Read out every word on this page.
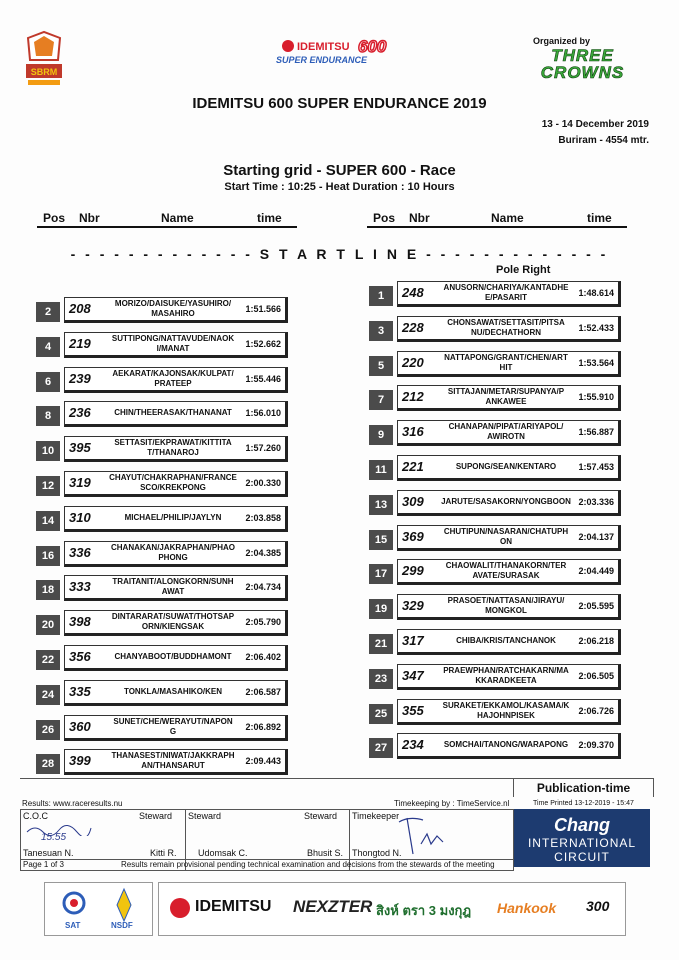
SBRM
IDEMITSU 600
SUPER ENDURANCE
Organized by
THREE CROWNS
IDEMITSU 600 SUPER ENDURANCE 2019
13 - 14 December 2019
Buriram - 4554 mtr.
Starting grid - SUPER 600 - Race
Start Time : 10:25 - Heat Duration : 10 Hours
Pos Nbr	Name	time	Pos Nbr	Name	time
- - - - - - - - - - - - - S T A R T L I N E - - - - - - - - - - - - -
Pole Right
2	208	MORIZO/DAISUKE/YASUHIRO/
MASAHIRO	1:51.566
4	219	SUTTIPONG/NATTAVUDE/NAOK
I/MANAT	1:52.662
6	239	AEKARAT/KAJONSAK/KULPAT/
PRATEEP	1:55.446
8	236	CHIN/THEERASAK/THANANAT	1:56.010
10	395	SETTASIT/EKPRAWAT/KITTITA
T/THANAROJ	1:57.260
12	319	CHAYUT/CHAKRAPHAN/FRANCE
SCO/KREKPONG	2:00.330
14	310	MICHAEL/PHILIP/JAYLYN	2:03.858
16	336	CHANAKAN/JAKRAPHAN/PHAO
PHONG	2:04.385
18	333	TRAITANIT/ALONGKORN/SUNH
AWAT	2:04.734
20	398	DINTARARAT/SUWAT/THOTSAP
ORN/KIENGSAK	2:05.790
22	356	CHANYABOOT/BUDDHAMONT	2:06.402
24	335	TONKLA/MASAHIKO/KEN	2:06.587
26	360	SUNET/CHE/WERAYUT/NAPON
G	2:06.892
28	399	THANASEST/NIWAT/JAKKRAPH
AN/THANSARUT	2:09.443
1	248	ANUSORN/CHARIYA/KANTADHE
E/PASARIT	1:48.614
3	228	CHONSAWAT/SETTASIT/PITSA
NU/DECHATHORN	1:52.433
5	220	NATTAPONG/GRANT/CHEN/ART
HIT	1:53.564
7	212	SITTAJAN/METAR/SUPANYA/P
ANKAWEE	1:55.910
9	316	CHANAPAN/PIPAT/ARIYAPOL/
AWIROTN	1:56.887
11	221	SUPONG/SEAN/KENTARO	1:57.453
13	309	JARUTE/SASAKORN/YONGBOON 2:03.336
15	369	CHUTIPUN/NASARAN/CHATUPH
ON	2:04.137
17	299	CHAOWALIT/THANAKORN/TER
AVATE/SURASAK	2:04.449
19	329	PRASOET/NATTASAN/JIRAYU/
MONGKOL	2:05.595
21	317	CHIBA/KRIS/TANCHANOK	2:06.218
23	347	PRAEWPHAN/RATCHAKARN/MA
KKARADKEETA	2:06.505
25	355	SURAKET/EKKAMOL/KASAMA/K
HAJOHNPISEK	2:06.726
27	234	SOMCHAI/TANONG/WARAPONG	2:09.370
Publication-time
Results: www.raceresults.nu	Timekeeping by : TimeService.nl	Time Printed 13-12-2019 - 15:47
C.O.C	Steward Steward	Steward Timekeeper
Tanesuan N.	Kitti R. Udomsak C.	Bhusit S. Thongtod N.
15.55
Page 1 of 3	Results remain provisional pending technical examination and decisions from the stewards of the meeting
Chang
INTERNATIONAL
CIRCUIT
SAT	NSDF
IDEMITSU NEXZTER สิงห์ ตรา 3 มงกุฎ Hankook 300
